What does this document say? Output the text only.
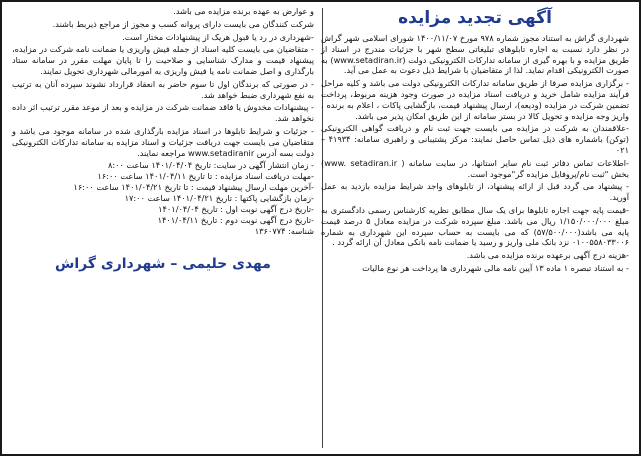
آگهی تجدید مزایده

شهرداری گراش به استناد مجوز شماره ۹۷۸ مورخ ۱۴۰۰/۱۱/۰۷ شورای اسلامی شهر گراش در نظر دارد نسبت به اجاره تابلوهای تبلیغاتی سطح شهر با جزئیات مندرج در اسناد از طریق مزایده و با بهره گیری از سامانه تدارکات الکترونیکی دولت (www.setadiran.ir) به صورت الکترونیکی اقدام نماید. لذا از متقاضیان با شرایط ذیل دعوت به عمل می آید.

- برگزاری مزایده صرفا از طریق سامانه تدارکات الکترونیکی دولت می باشد و کلیه مراحل فرآیند مزایده شامل خرید و دریافت اسناد مزایده در صورت وجود هزینه مربوط، پرداخت تضمین شرکت در مزایده (ودیعه)، ارسال پیشنهاد قیمت، بازگشایی پاکات ، اعلام به برنده ، واریز وجه مزایده و تحویل کالا در بستر سامانه از این طریق امکان پذیر می باشد.
-علاقمندان به شرکت در مزایده می بایست جهت ثبت نام و دریافت گواهی الکترونیکی (توکن) باشماره های ذیل تماس حاصل نمایند: مرکز پشتیبانی و راهبری سامانه: ۴۱۹۳۴ – ۰۲۱
-اطلاعات تماس دفاتر ثبت نام سایر استانها، در سایت سامانه ( www. setadiran.ir) بخش "ثبت نام/پروفایل مزایده گر"موجود است.
- پیشنهاد می گردد قبل از ارائه پیشنهاد، از تابلوهای واجد شرایط مزایده بازدید به عمل آورید.
-قیمت پایه جهت اجاره تابلوها برای یک سال مطابق نظریه کارشناس رسمی دادگستری به مبلغ ۱/۱۵۰/۰۰۰/۰۰۰ ریال می باشد. مبلغ سپرده شرکت در مزایده معادل ۵ درصد قیمت پایه می باشد(۵۷/۵۰۰/۰۰۰) که می بایست به حساب سپرده این شهرداری به شماره ۰۱۰۰۵۵۸۰۳۳۰۰۶ نزد بانک ملی واریز و رسید یا ضمانت نامه بانکی معادل آن ارائه گردد .
-هزینه درج آگهی برعهده برنده مزایده می باشد.
- به استناد تبصره ۱ ماده ۱۳ آیین نامه مالی شهرداری ها پرداخت هر نوع مالیات
و عوارض به عهده برنده مزایده می باشد.
شرکت کنندگان می بایست دارای پروانه کسب و مجوز از مراجع ذیربط باشند.
-شهرداری در رد یا قبول هریک از پیشنهادات مختار است.
- متقاضیان می بایست کلیه اسناد از جمله فیش واریزی یا ضمانت نامه شرکت در مزایده، پیشنهاد قیمت و مدارک شناسایی و صلاحیت را تا پایان مهلت مقرر در سامانه ستاد بارگذاری و اصل ضمانت نامه یا فیش واریزی به امورمالی شهرداری تحویل نمایند.
- در صورتی که برندگان اول تا سوم حاضر به انعقاد قرارداد نشوند سپرده آنان به ترتیب به نفع شهرداری ضبط خواهد شد.
- پیشنهادات مخدوش یا فاقد ضمانت شرکت در مزایده و بعد از موعد مقرر ترتیب اثر داده نخواهد شد.
- جزئیات و شرایط تابلوها در اسناد مزایده بارگذاری شده در سامانه موجود می باشد و متقاضیان می بایست جهت دریافت جزئیات و اسناد مزایده به سامانه تدارکات الکترونیکی دولت بسه آدرس www.setadiranir مراجعه نمایند.
- زمان انتشار آگهی در سایت: تاریخ ۱۴۰۱/۰۴/۰۴ ساعت ۸:۰۰
-مهلت دریافت اسناد مزایده : تا تاریخ ۱۴۰۱/۰۴/۱۱ ساعت ۱۶:۰۰
-آخرین مهلت ارسال پیشنهاد قیمت : تا تاریخ ۱۴۰۱/۰۴/۲۱ ساعت ۱۶:۰۰
-زمان بازگشایی پاکتها : تاریخ ۱۴۰۱/۰۴/۲۱ ساعت ۱۷:۰۰
-تاریخ درج آگهی نوبت اول : تاریخ ۱۴۰۱/۰۴/۰۴
-تاریخ درج آگهی نوبت دوم : تاریخ ۱۴۰۱/۰۴/۱۱
شناسه: ۱۳۶۰۷۷۴
مهدی حلیمی – شهرداری گراش
